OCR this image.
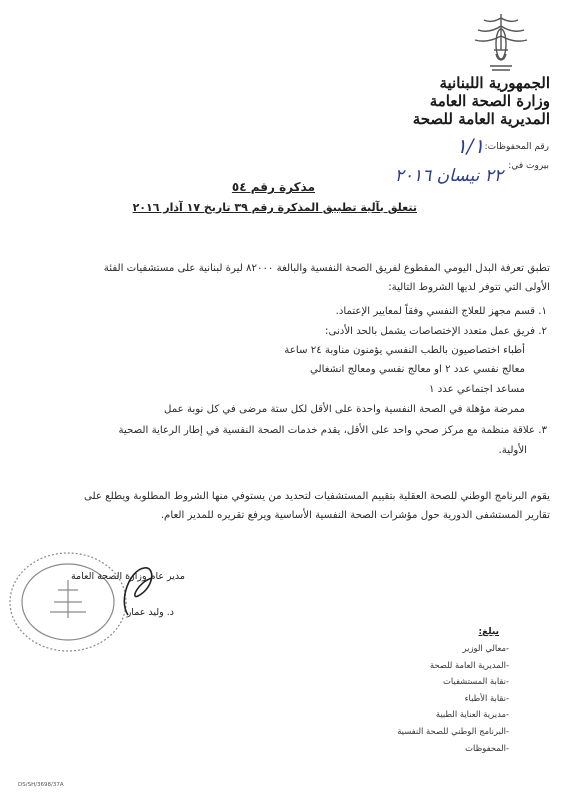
الجمهورية اللبنانية
وزارة الصحة العامة
المديرية العامة للصحة
رقم المحفوظات:
١/١
بيروت في:
٢٢ نيسان ٢٠١٦
مذكرة رقم ٥٤
تتعلق بآلية تطبيق المذكرة رقم ٣٩ تاريخ ١٧ آذار ٢٠١٦
تطبق تعرفة البدل اليومي المقطوع لفريق الصحة النفسية والبالغة ٨٢٠٠٠ ليرة لبنانية على مستشفيات الفئة
الأولى التي تتوفر لديها الشروط التالية:
١. قسم مجهز للعلاج النفسي وفقاً لمعايير الإعتماد.
٢. فريق عمل متعدد الإختصاصات يشمل بالحد الأدنى:
أطباء اختصاصيون بالطب النفسي يؤمنون مناوبة ٢٤ ساعة
معالج نفسي عدد ٢ او معالج نفسي ومعالج انشغالي
مساعد اجتماعي عدد ١
ممرضة مؤهلة في الصحة النفسية واحدة على الأقل لكل ستة مرضى في كل نوبة عمل
٣. علاقة منظمة مع مركز صحي واحد على الأقل، يقدم خدمات الصحة النفسية في إطار الرعاية الصحية
الأولية.
يقوم البرنامج الوطني للصحة العقلية بتقييم المستشفيات لتحديد من يستوفي منها الشروط المطلوبة ويطلع على
تقارير المستشفى الدورية حول مؤشرات الصحة النفسية الأساسية ويرفع تقريره للمدير العام.
مدير عام وزارة الصحة العامة
د. وليد عمار
يبلغ:
-معالي الوزير
-المديرية العامة للصحة
-نقابة المستشفيات
-نقابة الأطباء
-مديرية العناية الطبية
-البرنامج الوطني للصحة النفسية
-المحفوظات
DS/SH/3698/37A
